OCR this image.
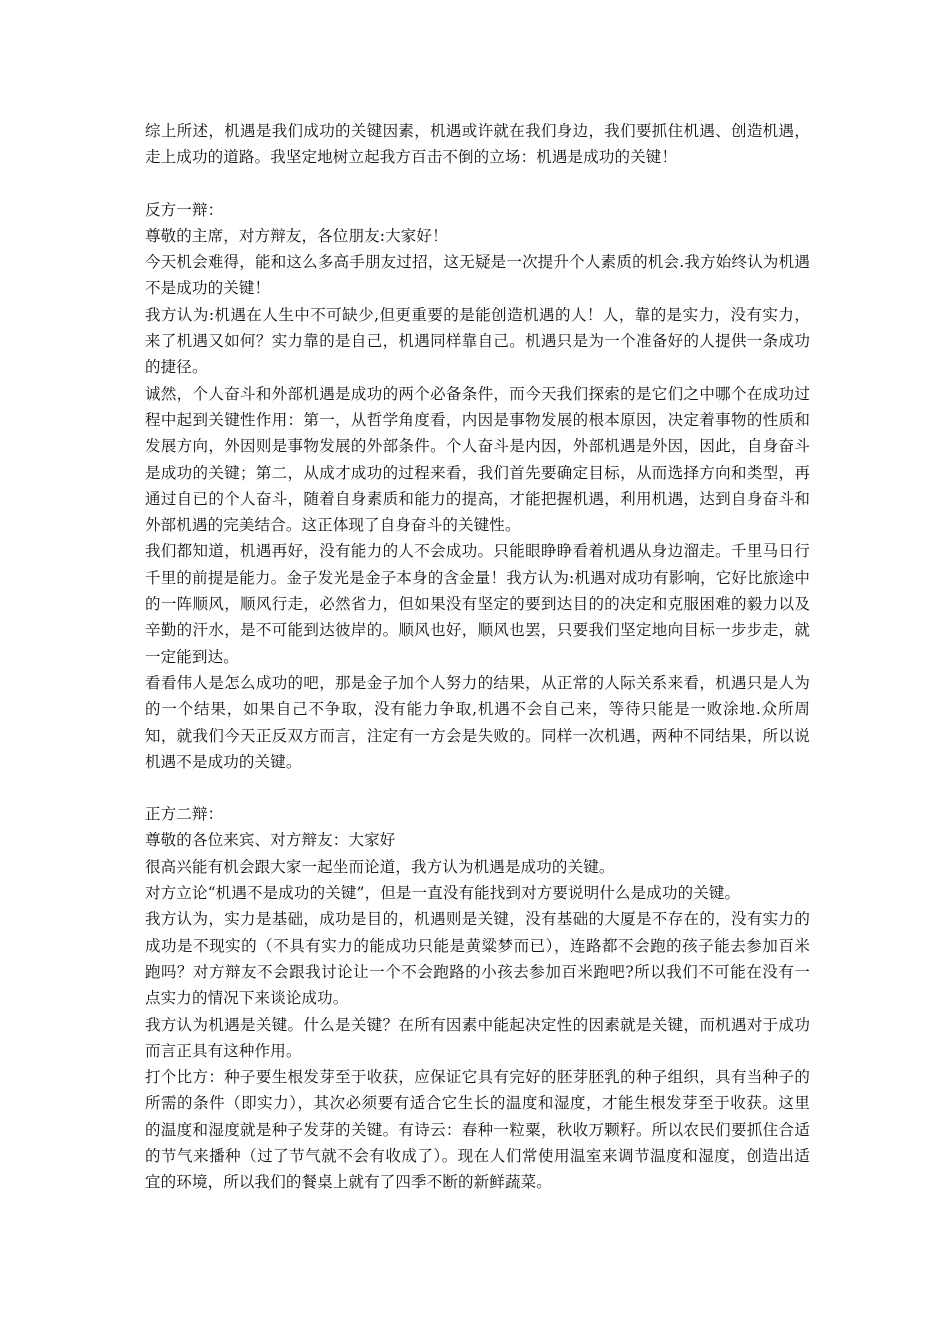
综上所述，机遇是我们成功的关键因素，机遇或许就在我们身边，我们要抓住机遇、创造机遇，走上成功的道路。我坚定地树立起我方百击不倒的立场：机遇是成功的关键！

反方一辩：

尊敬的主席，对方辩友，各位朋友:大家好！

今天机会难得，能和这么多高手朋友过招，这无疑是一次提升个人素质的机会.我方始终认为机遇不是成功的关键！

我方认为:机遇在人生中不可缺少,但更重要的是能创造机遇的人！人，靠的是实力，没有实力，来了机遇又如何？实力靠的是自己，机遇同样靠自己。机遇只是为一个准备好的人提供一条成功的捷径。

诚然，个人奋斗和外部机遇是成功的两个必备条件，而今天我们探索的是它们之中哪个在成功过程中起到关键性作用：第一，从哲学角度看，内因是事物发展的根本原因，决定着事物的性质和发展方向，外因则是事物发展的外部条件。个人奋斗是内因，外部机遇是外因，因此，自身奋斗是成功的关键；第二，从成才成功的过程来看，我们首先要确定目标，从而选择方向和类型，再通过自已的个人奋斗，随着自身素质和能力的提高，才能把握机遇，利用机遇，达到自身奋斗和外部机遇的完美结合。这正体现了自身奋斗的关键性。

我们都知道，机遇再好，没有能力的人不会成功。只能眼睁睁看着机遇从身边溜走。千里马日行千里的前提是能力。金子发光是金子本身的含金量！我方认为:机遇对成功有影响，它好比旅途中的一阵顺风，顺风行走，必然省力，但如果没有坚定的要到达目的的决定和克服困难的毅力以及辛勤的汗水，是不可能到达彼岸的。顺风也好，顺风也罢，只要我们坚定地向目标一步步走，就一定能到达。

看看伟人是怎么成功的吧，那是金子加个人努力的结果，从正常的人际关系来看，机遇只是人为的一个结果，如果自己不争取，没有能力争取,机遇不会自己来，等待只能是一败涂地.众所周知，就我们今天正反双方而言，注定有一方会是失败的。同样一次机遇，两种不同结果，所以说机遇不是成功的关键。

正方二辩：

尊敬的各位来宾、对方辩友：大家好

很高兴能有机会跟大家一起坐而论道，我方认为机遇是成功的关键。

对方立论“机遇不是成功的关键”，但是一直没有能找到对方要说明什么是成功的关键。

我方认为，实力是基础，成功是目的，机遇则是关键，没有基础的大厦是不存在的，没有实力的成功是不现实的（不具有实力的能成功只能是黄粱梦而已），连路都不会跑的孩子能去参加百米跑吗？对方辩友不会跟我讨论让一个不会跑路的小孩去参加百米跑吧?所以我们不可能在没有一点实力的情况下来谈论成功。

我方认为机遇是关键。什么是关键？在所有因素中能起决定性的因素就是关键，而机遇对于成功而言正具有这种作用。

打个比方：种子要生根发芽至于收获，应保证它具有完好的胚芽胚乳的种子组织，具有当种子的所需的条件（即实力），其次必须要有适合它生长的温度和湿度，才能生根发芽至于收获。这里的温度和湿度就是种子发芽的关键。有诗云：春种一粒粟，秋收万颗籽。所以农民们要抓住合适的节气来播种（过了节气就不会有收成了）。现在人们常使用温室来调节温度和湿度，创造出适宜的环境，所以我们的餐桌上就有了四季不断的新鲜蔬菜。
